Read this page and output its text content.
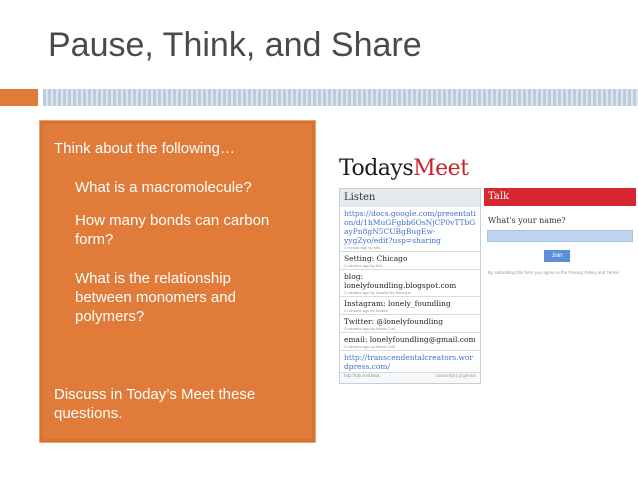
Pause, Think, and Share
Think about the following…
What is a macromolecule?
How many bonds can carbon form?
What is the relationship between monomers and polymers?
Discuss in Today’s Meet these questions.
TodaysMeet
Listen
https://docs.google.com/presentation/d/1hMuGFgbb6OsNjCP0vTTbGayPn8gN5CUBgBugEw-yygZyo/edit?usp=sharing
1 minute ago by Mrs.
Setting: Chicago
2 minutes ago by Mrs.
blog: lonelyfoundling.blogspot.com
2 minutes ago by Natalia Ms Monique
Instagram: lonely_foundling
2 minutes ago by Natalie
Twitter: @lonelyfoundling
2 minutes ago by Admin Cult
email: lonelyfoundling@gmail.com
2 minutes ago by Admin Cult
http://transcendentalcreators.wordpress.com/
http://tdy.sm/b56a	transcript | projector
Talk
What's your name?
Join
By submitting this form you agree to the Privacy Policy and Terms.
